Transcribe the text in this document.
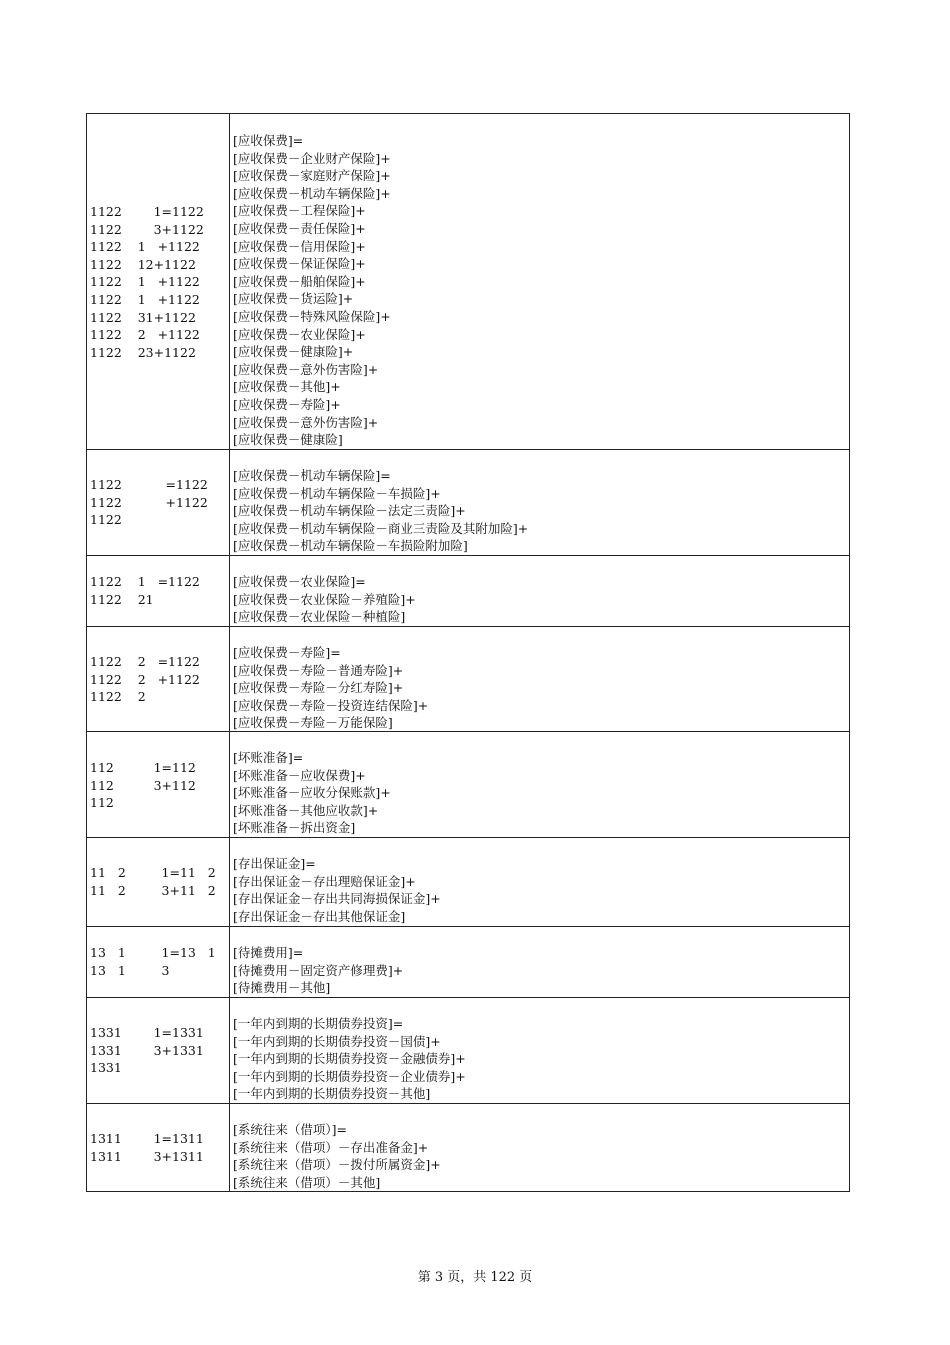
1122        1=1122
1122        3+1122
1122    1   +1122
1122    12+1122
1122    1   +1122
1122    1   +1122
1122    31+1122
1122    2   +1122
1122    23+1122
[应收保费]=
[应收保费－企业财产保险]+
[应收保费－家庭财产保险]+
[应收保费－机动车辆保险]+
[应收保费－工程保险]+
[应收保费－责任保险]+
[应收保费－信用保险]+
[应收保费－保证保险]+
[应收保费－船舶保险]+
[应收保费－货运险]+
[应收保费－特殊风险保险]+
[应收保费－农业保险]+
[应收保费－健康险]+
[应收保费－意外伤害险]+
[应收保费－其他]+
[应收保费－寿险]+
[应收保费－意外伤害险]+
[应收保费－健康险]
1122           =1122
1122           +1122
1122
[应收保费－机动车辆保险]=
[应收保费－机动车辆保险－车损险]+
[应收保费－机动车辆保险－法定三责险]+
[应收保费－机动车辆保险－商业三责险及其附加险]+
[应收保费－机动车辆保险－车损险附加险]
1122    1   =1122
1122    21
[应收保费－农业保险]=
[应收保费－农业保险－养殖险]+
[应收保费－农业保险－种植险]
1122    2   =1122
1122    2   +1122
1122    2
[应收保费－寿险]=
[应收保费－寿险－普通寿险]+
[应收保费－寿险－分红寿险]+
[应收保费－寿险－投资连结保险]+
[应收保费－寿险－万能保险]
112          1=112
112          3+112
112
[坏账准备]=
[坏账准备－应收保费]+
[坏账准备－应收分保账款]+
[坏账准备－其他应收款]+
[坏账准备－拆出资金]
11   2         1=11   2
11   2         3+11   2
[存出保证金]=
[存出保证金－存出理赔保证金]+
[存出保证金－存出共同海损保证金]+
[存出保证金－存出其他保证金]
13   1         1=13   1
13   1         3
[待摊费用]=
[待摊费用－固定资产修理费]+
[待摊费用－其他]
1331        1=1331
1331        3+1331
1331
[一年内到期的长期债券投资]=
[一年内到期的长期债券投资－国债]+
[一年内到期的长期债券投资－金融债券]+
[一年内到期的长期债券投资－企业债券]+
[一年内到期的长期债券投资－其他]
1311        1=1311
1311        3+1311
[系统往来（借项）]=
[系统往来（借项）－存出准备金]+
[系统往来（借项）－拨付所属资金]+
[系统往来（借项）－其他]
第 3 页，共 122 页
